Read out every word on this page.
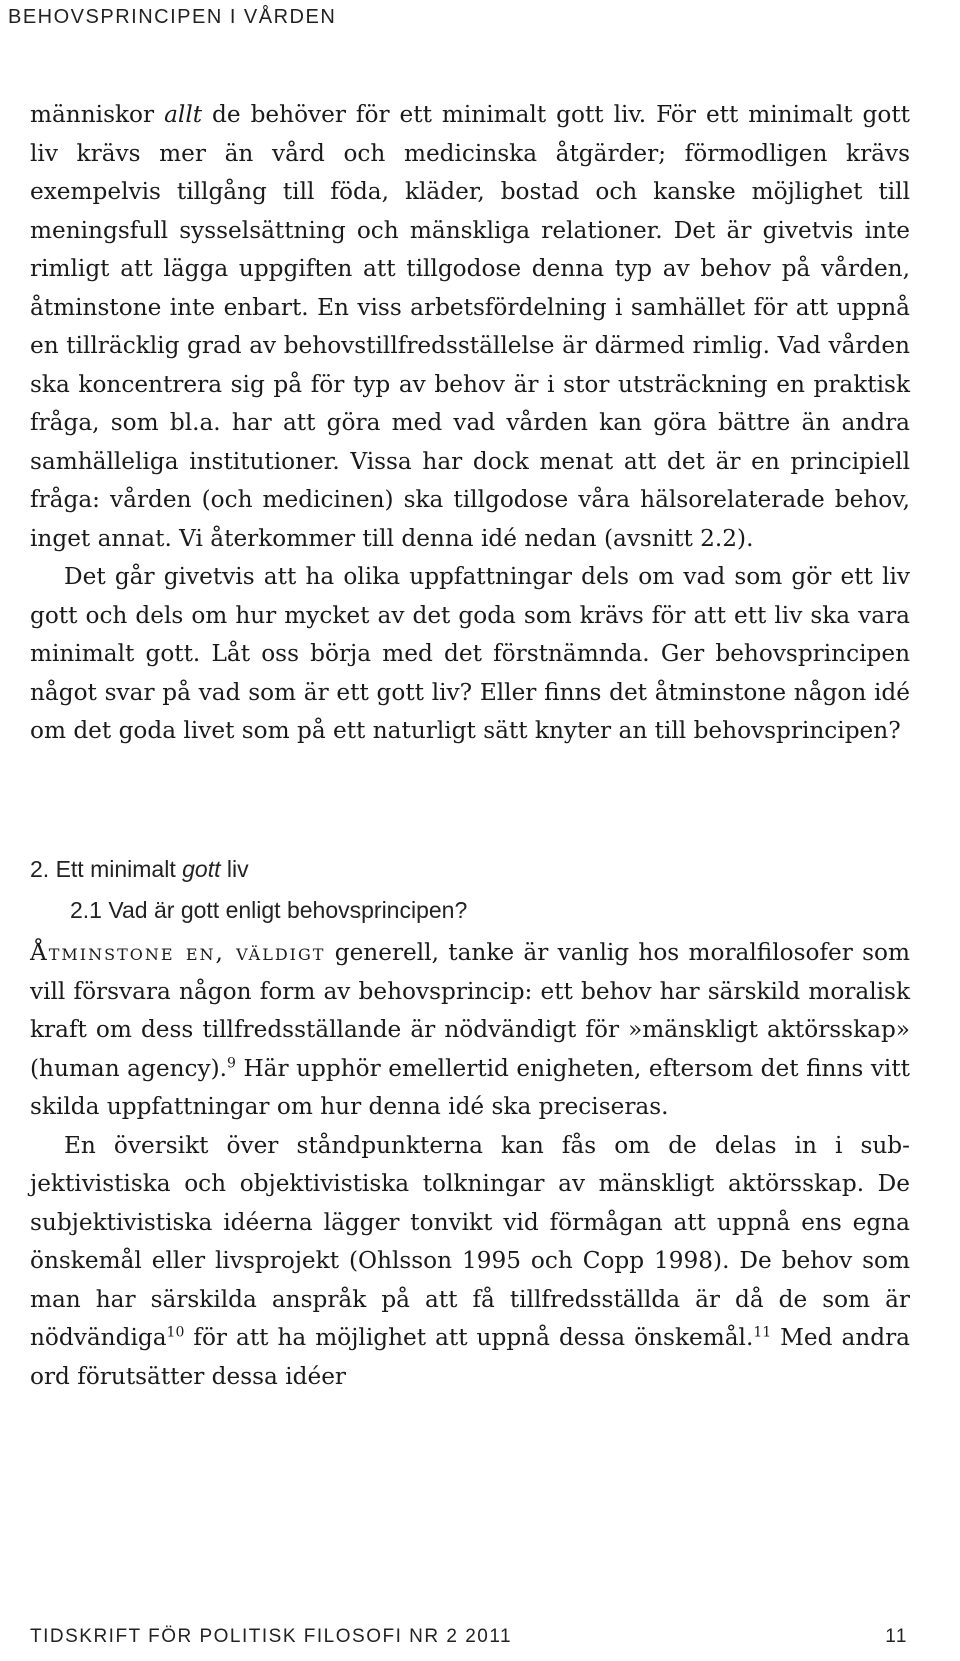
BEHOVSPRINCIPEN I VÅRDEN

människor allt de behöver för ett minimalt gott liv. För ett minimalt gott liv krävs mer än vård och medicinska åtgärder; förmodligen krävs exempelvis tillgång till föda, kläder, bostad och kanske möjlighet till meningsfull sysselsättning och mänskliga relationer. Det är givetvis inte rimligt att lägga uppgiften att tillgodose denna typ av behov på vården, åtminstone inte enbart. En viss arbetsfördelning i samhället för att uppnå en tillräcklig grad av behovstillfredsställelse är därmed rimlig. Vad vården ska koncentrera sig på för typ av behov är i stor utsträckning en praktisk fråga, som bl.a. har att göra med vad vården kan göra bättre än andra samhälleliga institutioner. Vissa har dock menat att det är en principiell fråga: vården (och medicinen) ska tillgodose våra hälsorelaterade behov, inget annat. Vi återkommer till denna idé nedan (avsnitt 2.2).

Det går givetvis att ha olika uppfattningar dels om vad som gör ett liv gott och dels om hur mycket av det goda som krävs för att ett liv ska vara minimalt gott. Låt oss börja med det förstnämnda. Ger behovsprincipen något svar på vad som är ett gott liv? Eller finns det åtminstone någon idé om det goda livet som på ett naturligt sätt knyter an till behovsprincipen?

2. Ett minimalt gott liv
2.1 Vad är gott enligt behovsprincipen?

Åtminstone en, väldigt generell, tanke är vanlig hos moralfilosofer som vill försvara någon form av behovsprincip: ett behov har särskild moralisk kraft om dess tillfredsställande är nödvändigt för »mänskligt aktörsskap» (human agency).$^9$ Här upphör emellertid enigheten, eftersom det finns vitt skilda uppfattningar om hur denna idé ska preciseras.

En översikt över ståndpunkterna kan fås om de delas in i subjektivistiska och objektivistiska tolkningar av mänskligt aktörsskap. De subjektivistiska idéerna lägger tonvikt vid förmågan att uppnå ens egna önskemål eller livsprojekt (Ohlsson 1995 och Copp 1998). De behov som man har särskilda anspråk på att få tillfredsställda är då de som är nödvändiga$^{10}$ för att ha möjlighet att uppnå dessa önskemål.$^{11}$ Med andra ord förutsätter dessa idéer

TIDSKRIFT FÖR POLITISK FILOSOFI NR 2 2011	11
